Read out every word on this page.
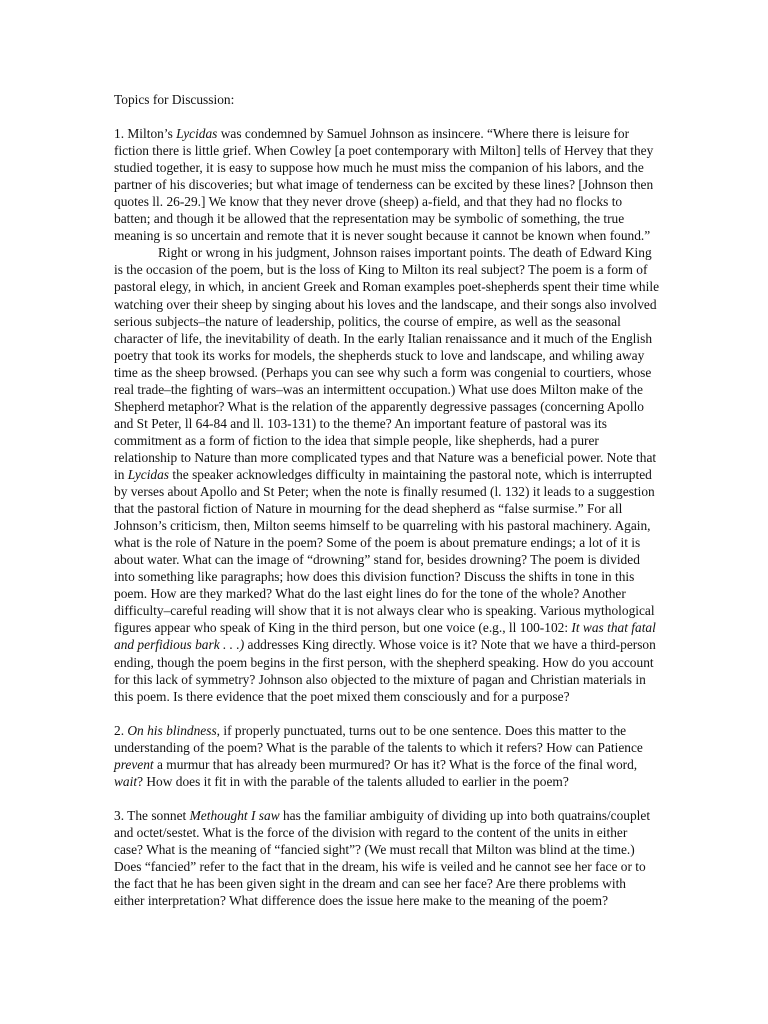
Topics for Discussion:

1. Milton’s Lycidas was condemned by Samuel Johnson as insincere. “Where there is leisure for fiction there is little grief. When Cowley [a poet contemporary with Milton] tells of Hervey that they studied together, it is easy to suppose how much he must miss the companion of his labors, and the partner of his discoveries; but what image of tenderness can be excited by these lines? [Johnson then quotes ll. 26-29.] We know that they never drove (sheep) a-field, and that they had no flocks to batten; and though it be allowed that the representation may be symbolic of something, the true meaning is so uncertain and remote that it is never sought because it cannot be known when found.”

Right or wrong in his judgment, Johnson raises important points. The death of Edward King is the occasion of the poem, but is the loss of King to Milton its real subject? The poem is a form of pastoral elegy, in which, in ancient Greek and Roman examples poet-shepherds spent their time while watching over their sheep by singing about his loves and the landscape, and their songs also involved serious subjects–the nature of leadership, politics, the course of empire, as well as the seasonal character of life, the inevitability of death. In the early Italian renaissance and it much of the English poetry that took its works for models, the shepherds stuck to love and landscape, and whiling away time as the sheep browsed. (Perhaps you can see why such a form was congenial to courtiers, whose real trade–the fighting of wars–was an intermittent occupation.) What use does Milton make of the Shepherd metaphor? What is the relation of the apparently degressive passages (concerning Apollo and St Peter, ll 64-84 and ll. 103-131) to the theme? An important feature of pastoral was its commitment as a form of fiction to the idea that simple people, like shepherds, had a purer relationship to Nature than more complicated types and that Nature was a beneficial power. Note that in Lycidas the speaker acknowledges difficulty in maintaining the pastoral note, which is interrupted by verses about Apollo and St Peter; when the note is finally resumed (l. 132) it leads to a suggestion that the pastoral fiction of Nature in mourning for the dead shepherd as “false surmise.” For all Johnson’s criticism, then, Milton seems himself to be quarreling with his pastoral machinery. Again, what is the role of Nature in the poem? Some of the poem is about premature endings; a lot of it is about water. What can the image of “drowning” stand for, besides drowning? The poem is divided into something like paragraphs; how does this division function? Discuss the shifts in tone in this poem. How are they marked? What do the last eight lines do for the tone of the whole? Another difficulty–careful reading will show that it is not always clear who is speaking. Various mythological figures appear who speak of King in the third person, but one voice (e.g., ll 100-102: It was that fatal and perfidious bark . . .) addresses King directly. Whose voice is it? Note that we have a third-person ending, though the poem begins in the first person, with the shepherd speaking. How do you account for this lack of symmetry? Johnson also objected to the mixture of pagan and Christian materials in this poem. Is there evidence that the poet mixed them consciously and for a purpose?

2. On his blindness, if properly punctuated, turns out to be one sentence. Does this matter to the understanding of the poem? What is the parable of the talents to which it refers? How can Patience prevent a murmur that has already been murmured? Or has it? What is the force of the final word, wait? How does it fit in with the parable of the talents alluded to earlier in the poem?

3. The sonnet Methought I saw has the familiar ambiguity of dividing up into both quatrains/couplet and octet/sestet. What is the force of the division with regard to the content of the units in either case? What is the meaning of “fancied sight”? (We must recall that Milton was blind at the time.) Does “fancied” refer to the fact that in the dream, his wife is veiled and he cannot see her face or to the fact that he has been given sight in the dream and can see her face? Are there problems with either interpretation? What difference does the issue here make to the meaning of the poem?
